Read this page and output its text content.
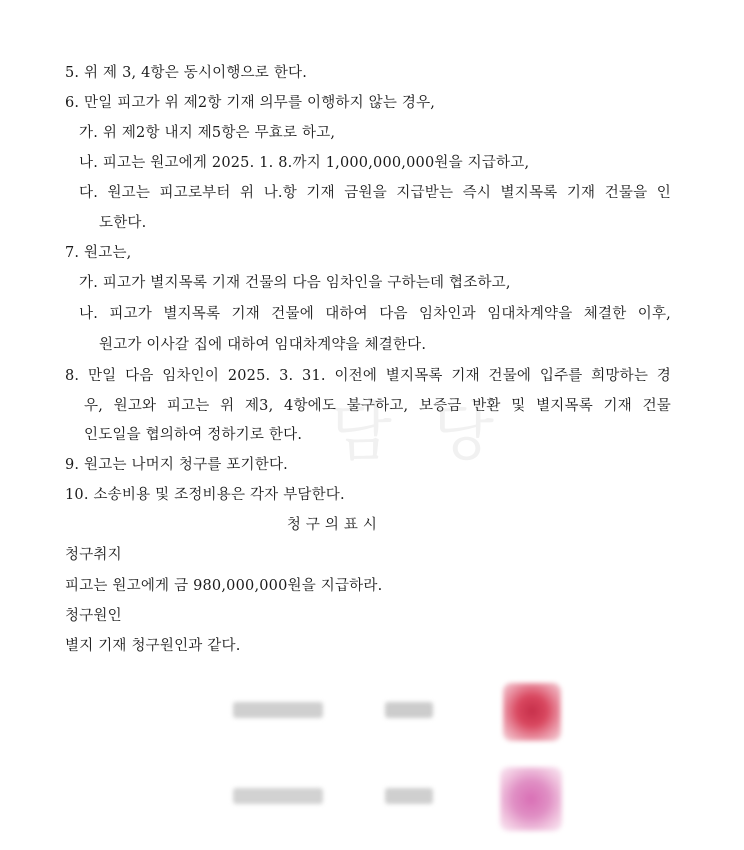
담 당
5. 위 제 3, 4항은 동시이행으로 한다.
6. 만일 피고가 위 제2항 기재 의무를 이행하지 않는 경우,
가. 위 제2항 내지 제5항은 무효로 하고,
나. 피고는 원고에게 2025. 1. 8.까지 1,000,000,000원을 지급하고,
다. 원고는 피고로부터 위 나.항 기재 금원을 지급받는 즉시 별지목록 기재 건물을 인
도한다.
7. 원고는,
가. 피고가 별지목록 기재 건물의 다음 임차인을 구하는데 협조하고,
나. 피고가 별지목록 기재 건물에 대하여 다음 임차인과 임대차계약을 체결한 이후,
원고가 이사갈 집에 대하여 임대차계약을 체결한다.
8. 만일 다음 임차인이 2025. 3. 31. 이전에 별지목록 기재 건물에 입주를 희망하는 경
우, 원고와 피고는 위 제3, 4항에도 불구하고, 보증금 반환 및 별지목록 기재 건물
인도일을 협의하여 정하기로 한다.
9. 원고는 나머지 청구를 포기한다.
10. 소송비용 및 조정비용은 각자 부담한다.
청 구 의 표 시
청구취지
피고는 원고에게 금 980,000,000원을 지급하라.
청구원인
별지 기재 청구원인과 같다.
